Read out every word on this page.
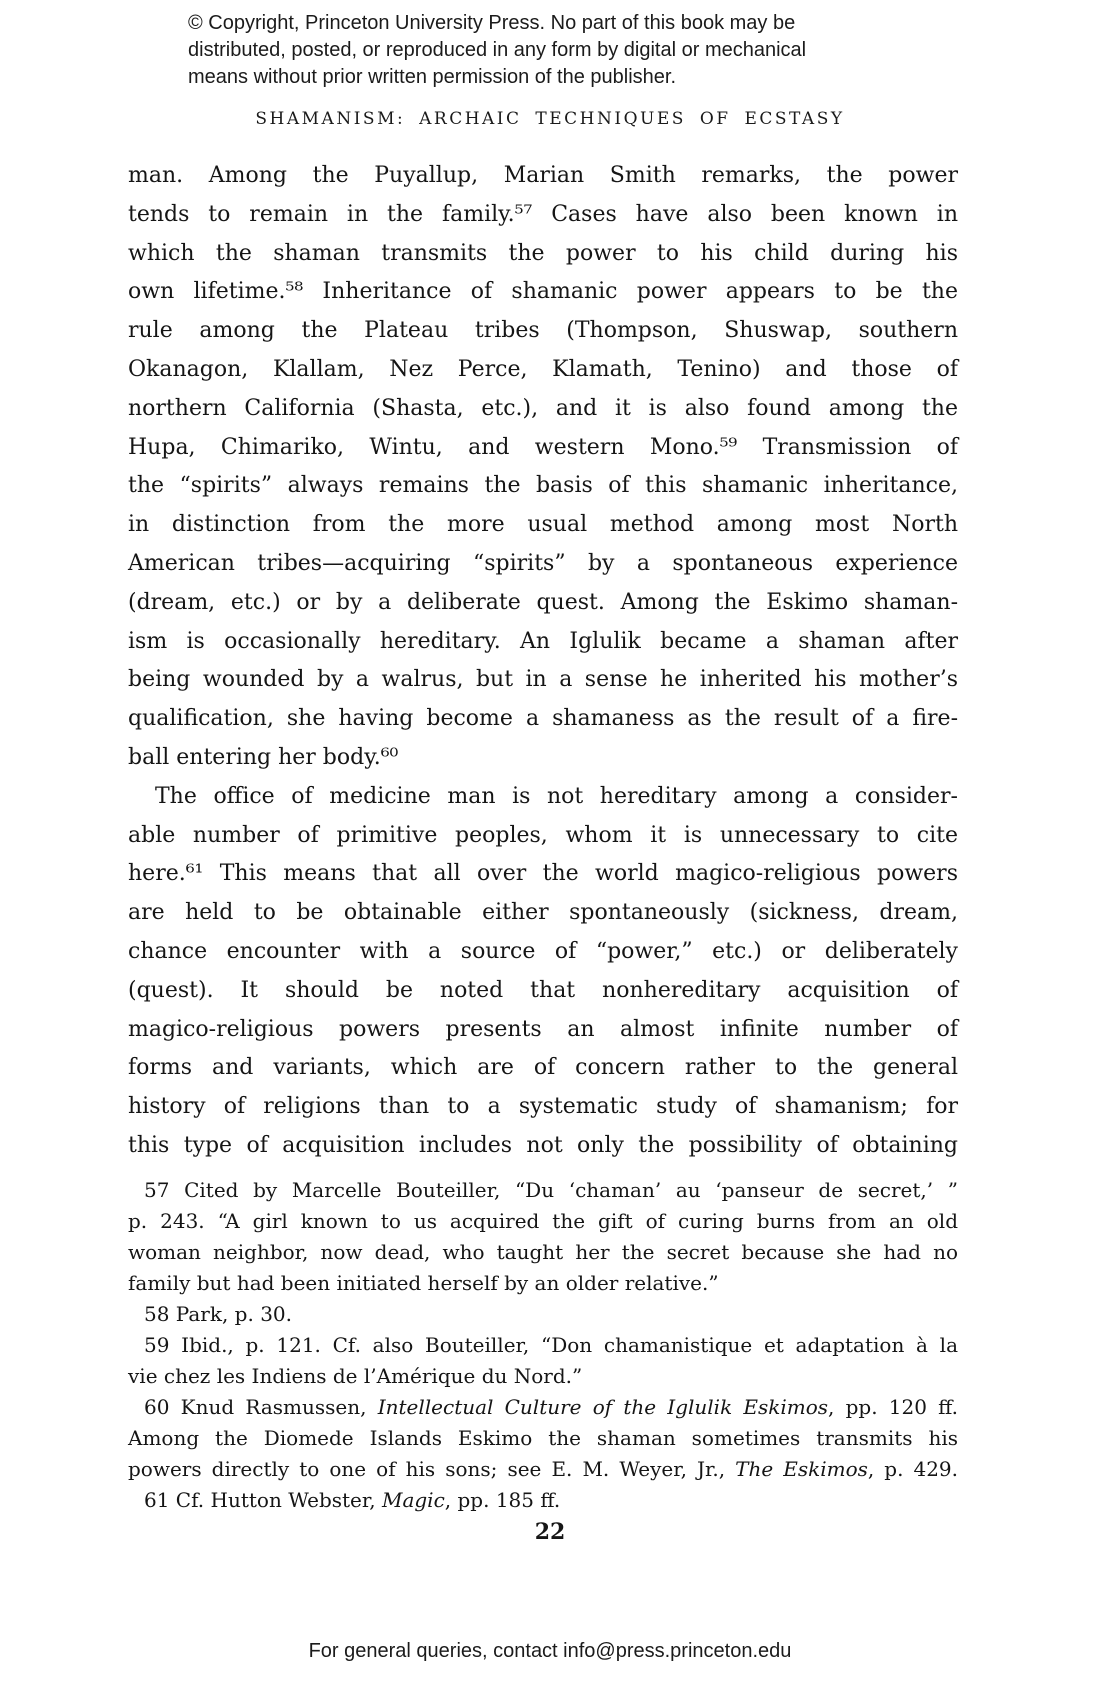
© Copyright, Princeton University Press. No part of this book may be
distributed, posted, or reproduced in any form by digital or mechanical
means without prior written permission of the publisher.
SHAMANISM: ARCHAIC TECHNIQUES OF ECSTASY
man. Among the Puyallup, Marian Smith remarks, the power
tends to remain in the family.⁵⁷ Cases have also been known in
which the shaman transmits the power to his child during his
own lifetime.⁵⁸ Inheritance of shamanic power appears to be the
rule among the Plateau tribes (Thompson, Shuswap, southern
Okanagon, Klallam, Nez Perce, Klamath, Tenino) and those of
northern California (Shasta, etc.), and it is also found among the
Hupa, Chimariko, Wintu, and western Mono.⁵⁹ Transmission of
the “spirits” always remains the basis of this shamanic inheritance,
in distinction from the more usual method among most North
American tribes—acquiring “spirits” by a spontaneous experience
(dream, etc.) or by a deliberate quest. Among the Eskimo shaman-
ism is occasionally hereditary. An Iglulik became a shaman after
being wounded by a walrus, but in a sense he inherited his mother’s
qualification, she having become a shamaness as the result of a fire-
ball entering her body.⁶⁰
The office of medicine man is not hereditary among a consider-
able number of primitive peoples, whom it is unnecessary to cite
here.⁶¹ This means that all over the world magico-religious powers
are held to be obtainable either spontaneously (sickness, dream,
chance encounter with a source of “power,” etc.) or deliberately
(quest). It should be noted that nonhereditary acquisition of
magico-religious powers presents an almost infinite number of
forms and variants, which are of concern rather to the general
history of religions than to a systematic study of shamanism; for
this type of acquisition includes not only the possibility of obtaining
57 Cited by Marcelle Bouteiller, “Du ‘chaman’ au ‘panseur de secret,’ ”
p. 243. “A girl known to us acquired the gift of curing burns from an old
woman neighbor, now dead, who taught her the secret because she had no
family but had been initiated herself by an older relative.”
58 Park, p. 30.
59 Ibid., p. 121. Cf. also Bouteiller, “Don chamanistique et adaptation à la
vie chez les Indiens de l’Amérique du Nord.”
60 Knud Rasmussen, Intellectual Culture of the Iglulik Eskimos, pp. 120 ff.
Among the Diomede Islands Eskimo the shaman sometimes transmits his
powers directly to one of his sons; see E. M. Weyer, Jr., The Eskimos, p. 429.
61 Cf. Hutton Webster, Magic, pp. 185 ff.
22
For general queries, contact info@press.princeton.edu
